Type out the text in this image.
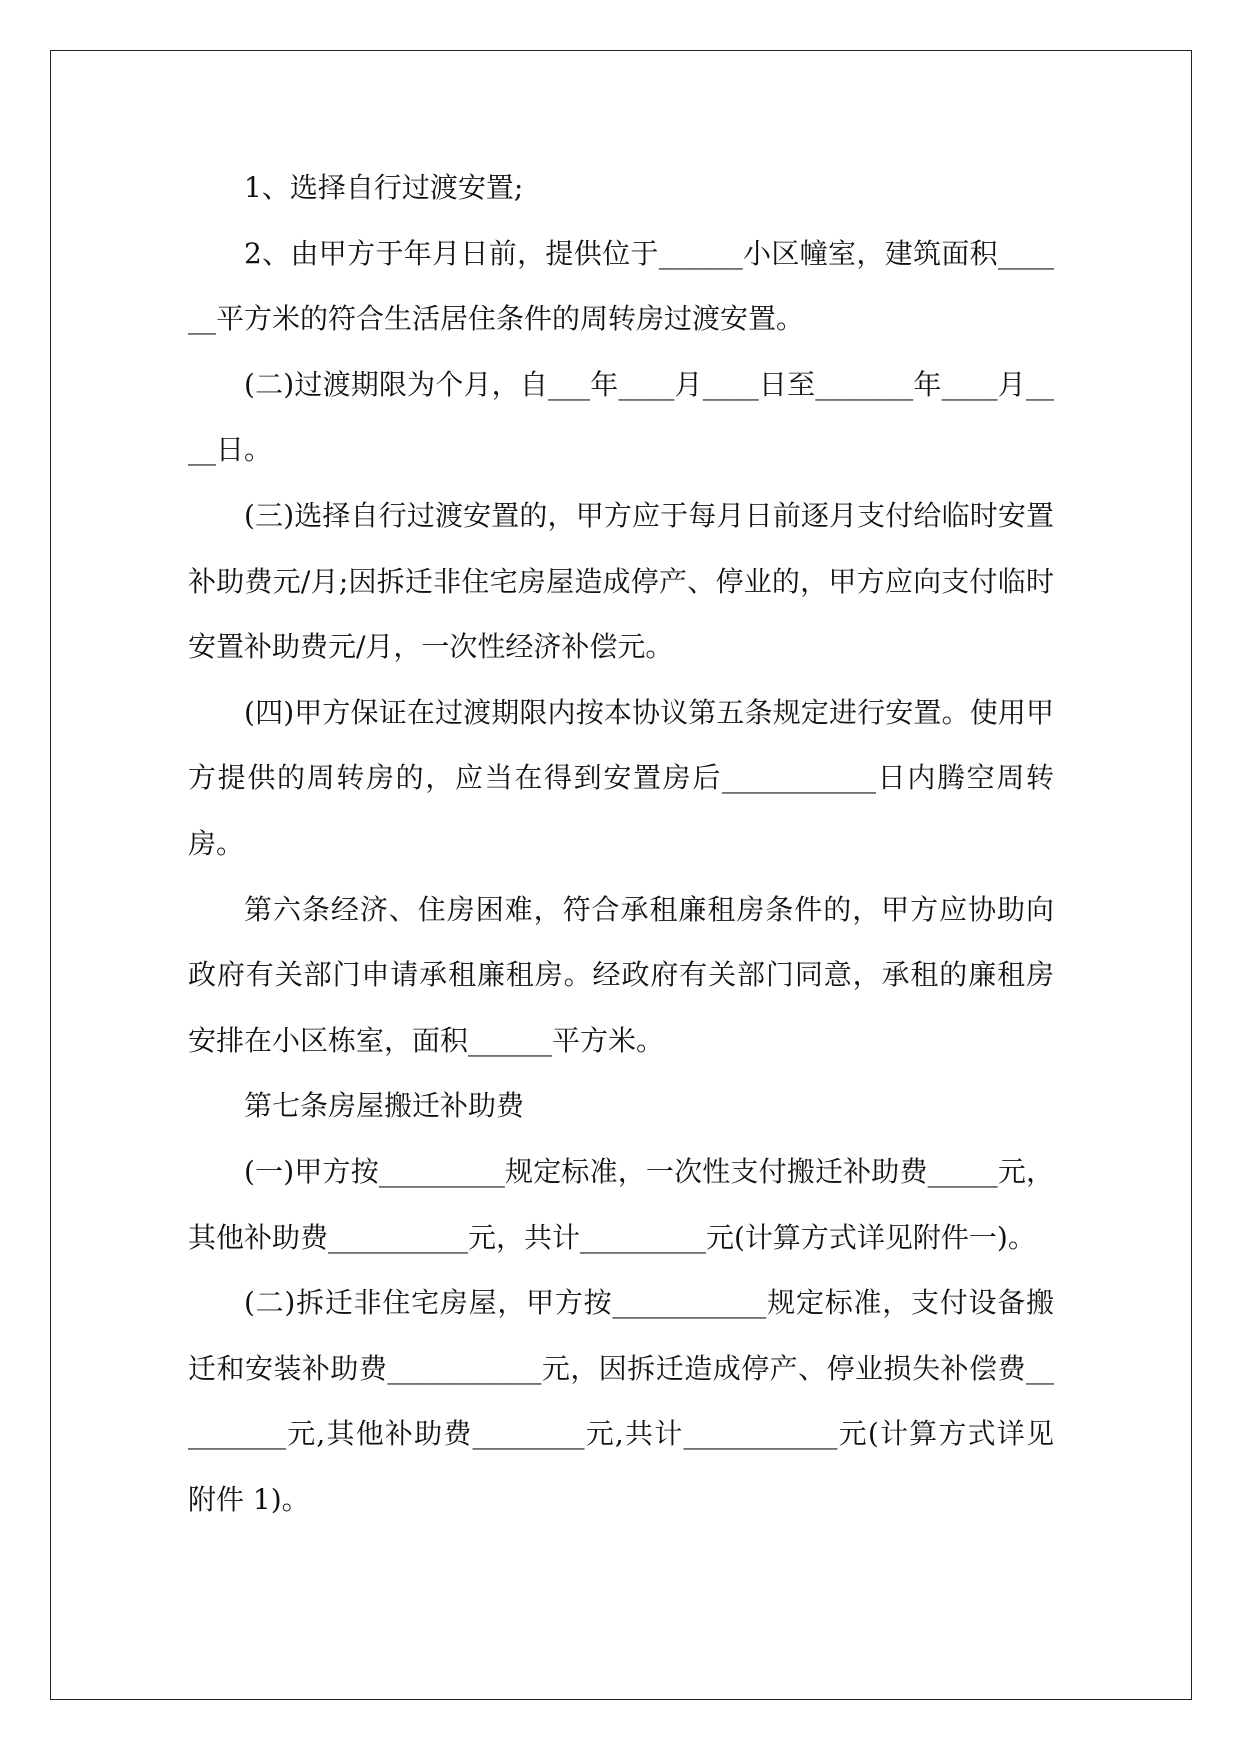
1、选择自行过渡安置;

2、由甲方于年月日前，提供位于______小区幢室，建筑面积______平方米的符合生活居住条件的周转房过渡安置。

(二)过渡期限为个月，自___年____月____日至_______年____月____日。

(三)选择自行过渡安置的，甲方应于每月日前逐月支付给临时安置补助费元/月;因拆迁非住宅房屋造成停产、停业的，甲方应向支付临时安置补助费元/月，一次性经济补偿元。

(四)甲方保证在过渡期限内按本协议第五条规定进行安置。使用甲方提供的周转房的，应当在得到安置房后___________日内腾空周转房。

第六条经济、住房困难，符合承租廉租房条件的，甲方应协助向政府有关部门申请承租廉租房。经政府有关部门同意，承租的廉租房安排在小区栋室，面积______平方米。

第七条房屋搬迁补助费

(一)甲方按_________规定标准，一次性支付搬迁补助费_____元，其他补助费__________元，共计_________元(计算方式详见附件一)。

(二)拆迁非住宅房屋，甲方按___________规定标准，支付设备搬迁和安装补助费___________元，因拆迁造成停产、停业损失补偿费_________元,其他补助费________元,共计___________元(计算方式详见附件 1)。
